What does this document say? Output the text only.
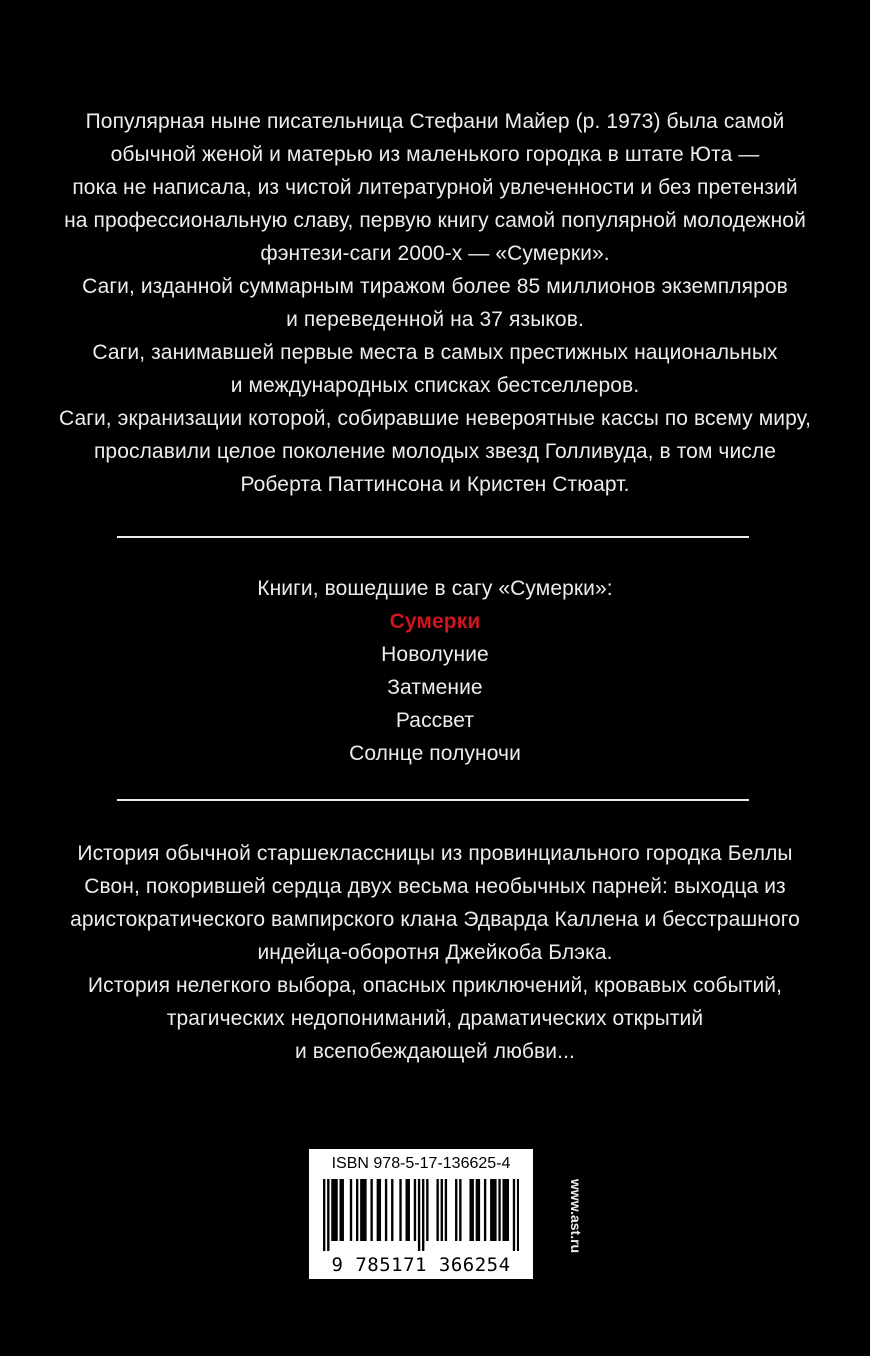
Популярная ныне писательница Стефани Майер (р. 1973) была самой
обычной женой и матерью из маленького городка в штате Юта —
пока не написала, из чистой литературной увлеченности и без претензий
на профессиональную славу, первую книгу самой популярной молодежной
фэнтези-саги 2000-х — «Сумерки».
Саги, изданной суммарным тиражом более 85 миллионов экземпляров
и переведенной на 37 языков.
Саги, занимавшей первые места в самых престижных национальных
и международных списках бестселлеров.
Саги, экранизации которой, собиравшие невероятные кассы по всему миру,
прославили целое поколение молодых звезд Голливуда, в том числе
Роберта Паттинсона и Кристен Стюарт.
Книги, вошедшие в сагу «Сумерки»:
Сумерки
Новолуние
Затмение
Рассвет
Солнце полуночи
История обычной старшеклассницы из провинциального городка Беллы
Свон, покорившей сердца двух весьма необычных парней: выходца из
аристократического вампирского клана Эдварда Каллена и бесстрашного
индейца-оборотня Джейкоба Блэка.
История нелегкого выбора, опасных приключений, кровавых событий,
трагических недопониманий, драматических открытий
и всепобеждающей любви...
ISBN 978-5-17-136625-4
9 785171 366254
www.ast.ru
